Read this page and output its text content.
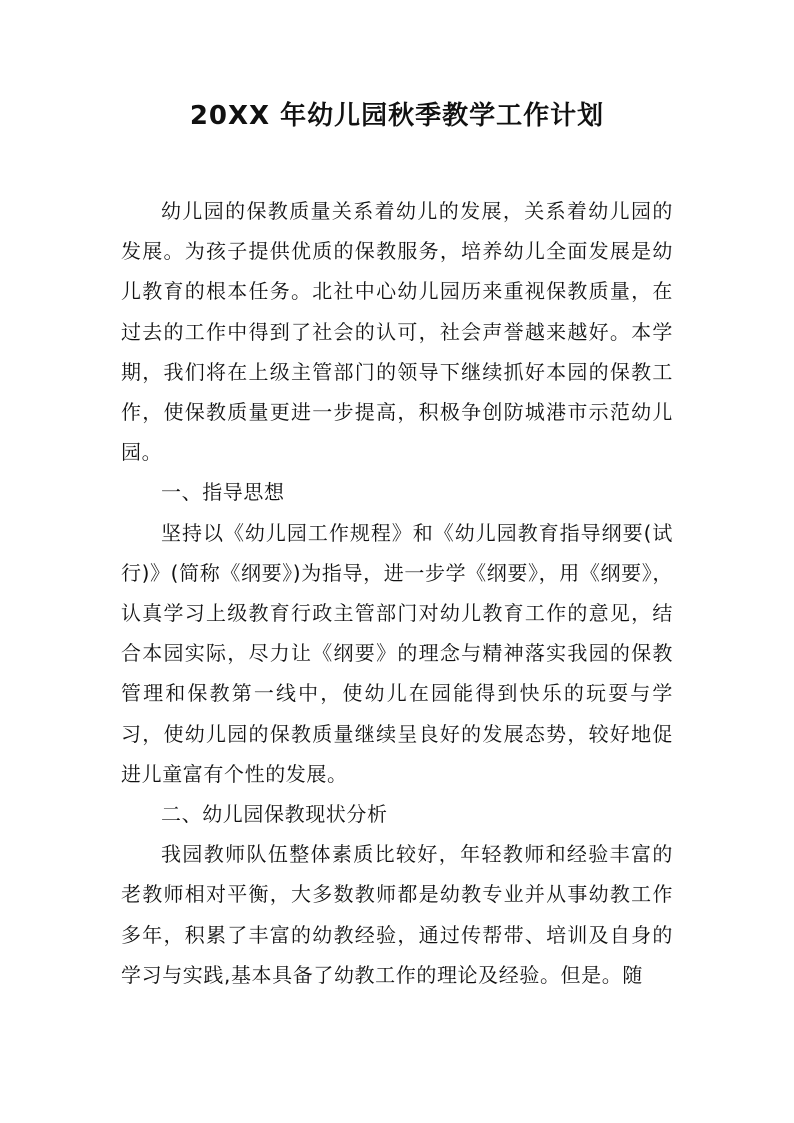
20XX 年幼儿园秋季教学工作计划

幼儿园的保教质量关系着幼儿的发展，关系着幼儿园的发展。为孩子提供优质的保教服务，培养幼儿全面发展是幼儿教育的根本任务。北社中心幼儿园历来重视保教质量，在过去的工作中得到了社会的认可，社会声誉越来越好。本学期，我们将在上级主管部门的领导下继续抓好本园的保教工作，使保教质量更进一步提高，积极争创防城港市示范幼儿园。

一、指导思想

坚持以《幼儿园工作规程》和《幼儿园教育指导纲要(试行)》(简称《纲要》)为指导，进一步学《纲要》，用《纲要》，认真学习上级教育行政主管部门对幼儿教育工作的意见，结合本园实际，尽力让《纲要》的理念与精神落实我园的保教管理和保教第一线中，使幼儿在园能得到快乐的玩耍与学习，使幼儿园的保教质量继续呈良好的发展态势，较好地促进儿童富有个性的发展。

二、幼儿园保教现状分析

我园教师队伍整体素质比较好，年轻教师和经验丰富的老教师相对平衡，大多数教师都是幼教专业并从事幼教工作多年，积累了丰富的幼教经验，通过传帮带、培训及自身的学习与实践,基本具备了幼教工作的理论及经验。但是。随
